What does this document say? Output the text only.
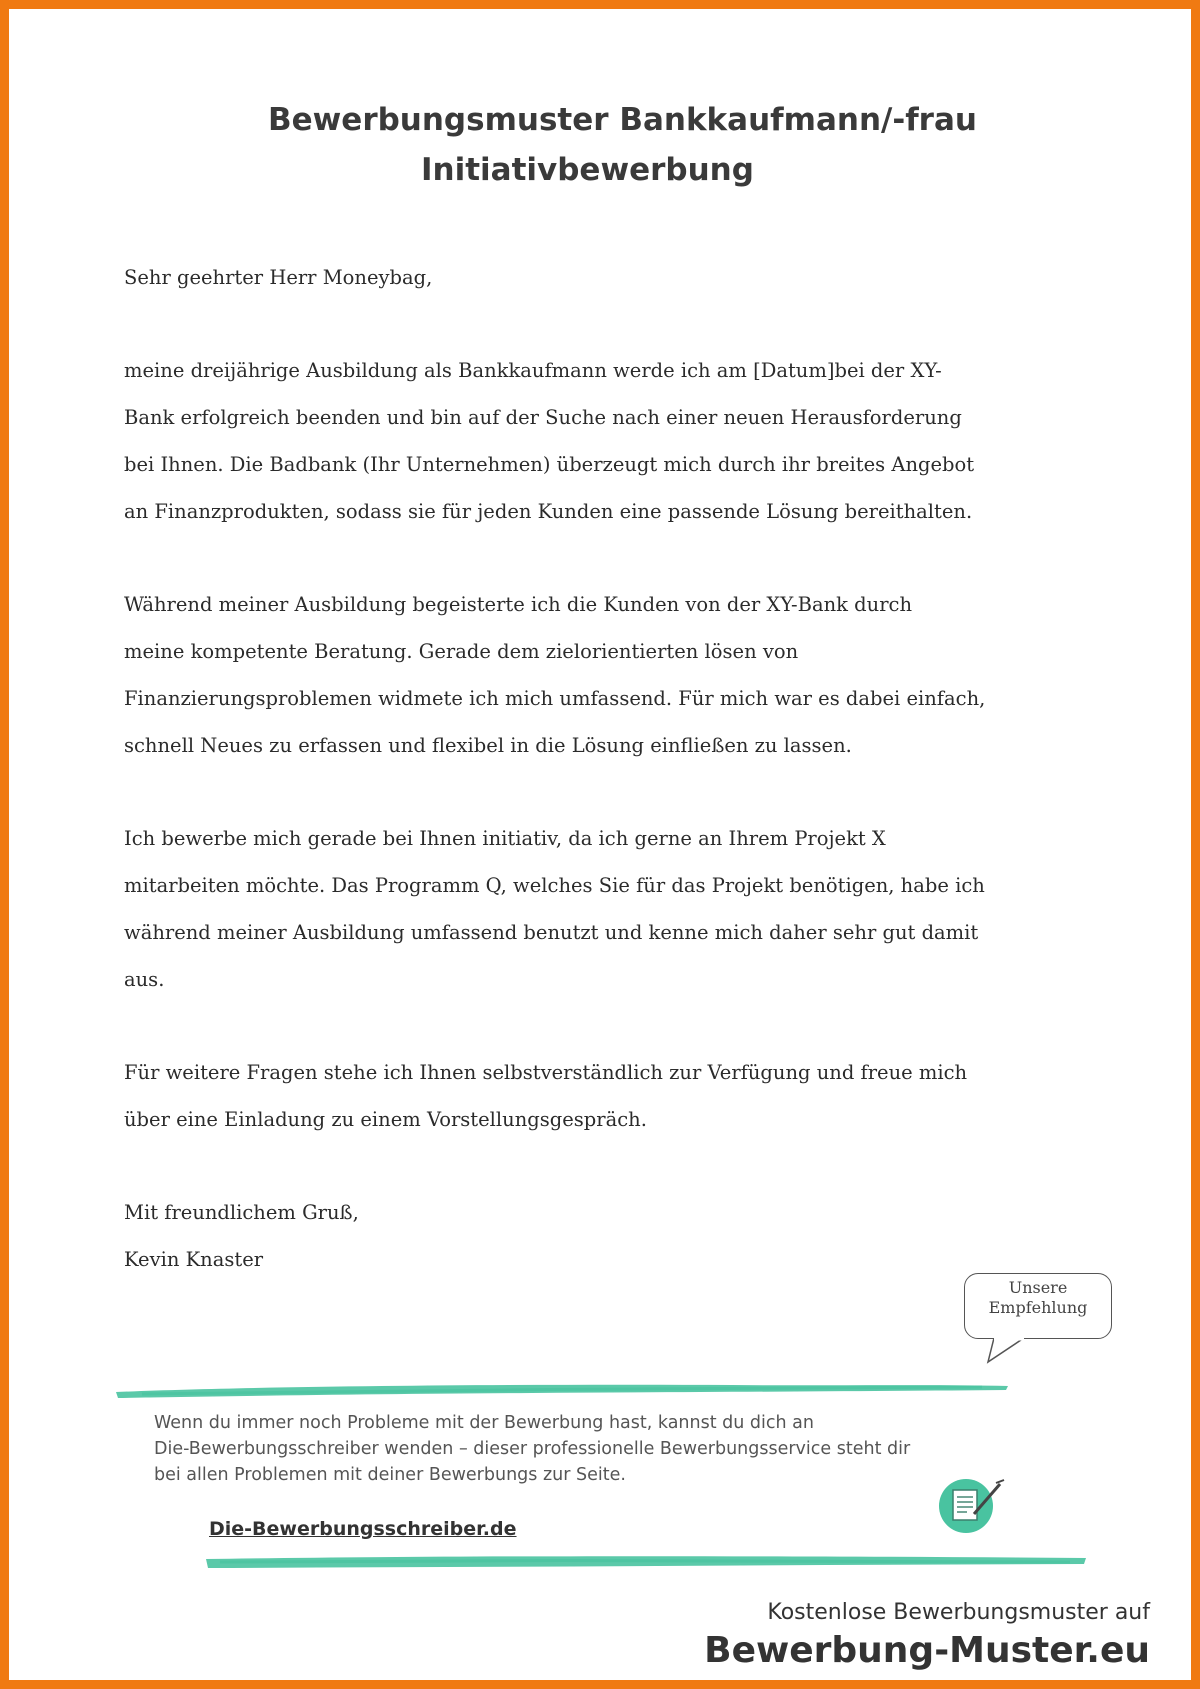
Bewerbungsmuster Bankkaufmann/-frau
Initiativbewerbung
Sehr geehrter Herr Moneybag,
meine dreijährige Ausbildung als Bankkaufmann werde ich am [Datum]bei der XY-
Bank erfolgreich beenden und bin auf der Suche nach einer neuen Herausforderung
bei Ihnen. Die Badbank (Ihr Unternehmen) überzeugt mich durch ihr breites Angebot
an Finanzprodukten, sodass sie für jeden Kunden eine passende Lösung bereithalten.
Während meiner Ausbildung begeisterte ich die Kunden von der XY-Bank durch
meine kompetente Beratung. Gerade dem zielorientierten lösen von
Finanzierungsproblemen widmete ich mich umfassend. Für mich war es dabei einfach,
schnell Neues zu erfassen und flexibel in die Lösung einfließen zu lassen.
Ich bewerbe mich gerade bei Ihnen initiativ, da ich gerne an Ihrem Projekt X
mitarbeiten möchte. Das Programm Q, welches Sie für das Projekt benötigen, habe ich
während meiner Ausbildung umfassend benutzt und kenne mich daher sehr gut damit
aus.
Für weitere Fragen stehe ich Ihnen selbstverständlich zur Verfügung und freue mich
über eine Einladung zu einem Vorstellungsgespräch.
Mit freundlichem Gruß,
Kevin Knaster
Unsere
Empfehlung
Wenn du immer noch Probleme mit der Bewerbung hast, kannst du dich an
Die-Bewerbungsschreiber wenden – dieser professionelle Bewerbungsservice steht dir
bei allen Problemen mit deiner Bewerbungs zur Seite.
Die-Bewerbungsschreiber.de
Kostenlose Bewerbungsmuster auf
Bewerbung-Muster.eu
